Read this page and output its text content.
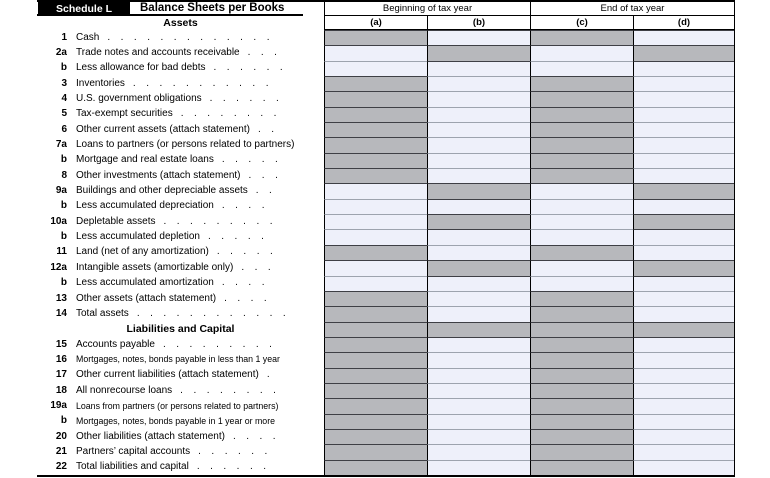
Schedule L Balance Sheets per Books	Beginning of tax year	End of tax year
Assets	(a)	(b)	(c)	(d)
1 Cash .............
2a Trade notes and accounts receivable ...
b Less allowance for bad debts ......
3 Inventories ...........
4 U.S. government obligations ......
5 Tax-exempt securities ........
6 Other current assets (attach statement) ..
7a Loans to partners (or persons related to partners)
b Mortgage and real estate loans .....
8 Other investments (attach statement) ...
9a Buildings and other depreciable assets ..
b Less accumulated depreciation ....
10a Depletable assets .........
b Less accumulated depletion .....
11 Land (net of any amortization) .....
12a Intangible assets (amortizable only) ...
b Less accumulated amortization ....
13 Other assets (attach statement) ....
14 Total assets ............
Liabilities and Capital
15 Accounts payable .........
16 Mortgages, notes, bonds payable in less than 1 year
17 Other current liabilities (attach statement) .
18 All nonrecourse loans ........
19a Loans from partners (or persons related to partners)
b Mortgages, notes, bonds payable in 1 year or more
20 Other liabilities (attach statement) ....
21 Partners’ capital accounts ......
22 Total liabilities and capital ......
